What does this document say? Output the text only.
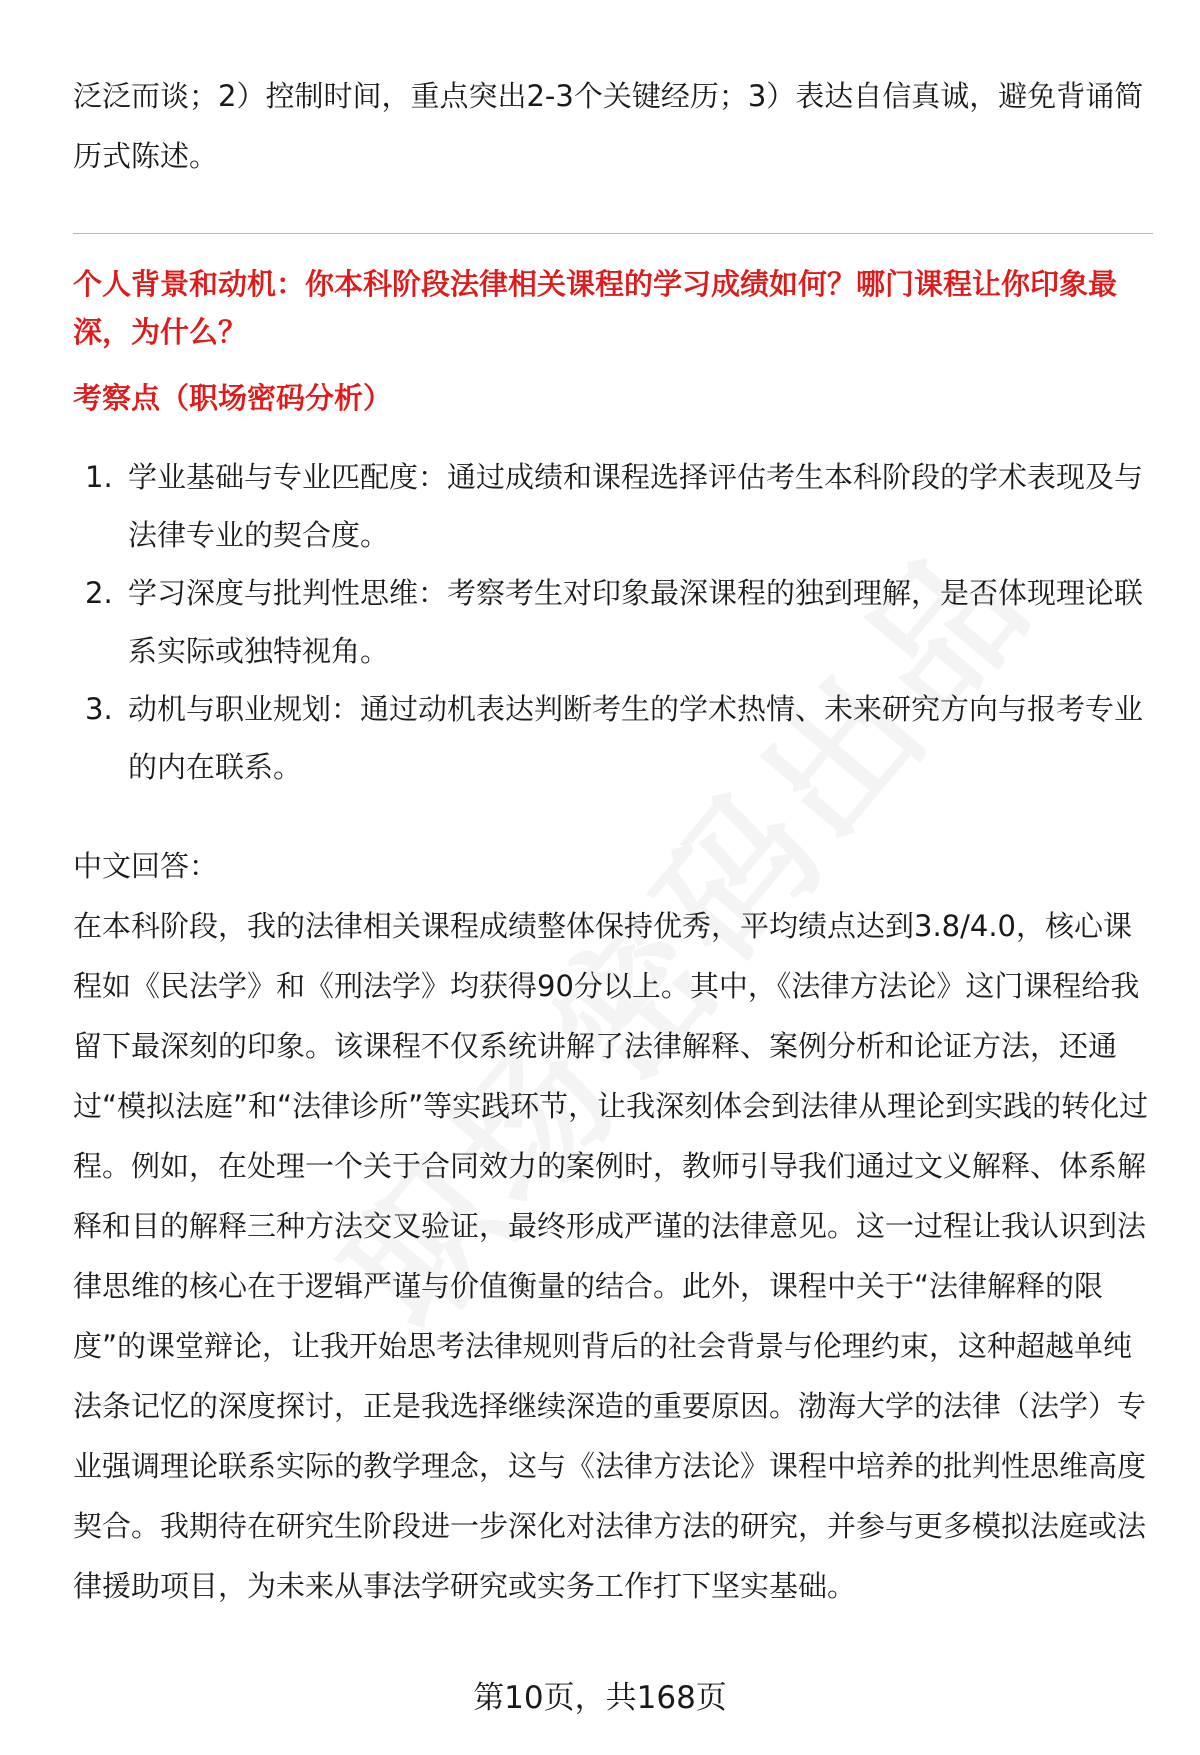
泛泛而谈；2）控制时间，重点突出2-3个关键经历；3）表达自信真诚，避免背诵简历式陈述。

个人背景和动机：你本科阶段法律相关课程的学习成绩如何？哪门课程让你印象最深，为什么？

考察点（职场密码分析）

1. 学业基础与专业匹配度：通过成绩和课程选择评估考生本科阶段的学术表现及与法律专业的契合度。
2. 学习深度与批判性思维：考察考生对印象最深课程的独到理解，是否体现理论联系实际或独特视角。
3. 动机与职业规划：通过动机表达判断考生的学术热情、未来研究方向与报考专业的内在联系。

中文回答：

在本科阶段，我的法律相关课程成绩整体保持优秀，平均绩点达到3.8/4.0，核心课程如《民法学》和《刑法学》均获得90分以上。其中，《法律方法论》这门课程给我留下最深刻的印象。该课程不仅系统讲解了法律解释、案例分析和论证方法，还通过“模拟法庭”和“法律诊所”等实践环节，让我深刻体会到法律从理论到实践的转化过程。例如，在处理一个关于合同效力的案例时，教师引导我们通过文义解释、体系解释和目的解释三种方法交叉验证，最终形成严谨的法律意见。这一过程让我认识到法律思维的核心在于逻辑严谨与价值衡量的结合。此外，课程中关于“法律解释的限度”的课堂辩论，让我开始思考法律规则背后的社会背景与伦理约束，这种超越单纯法条记忆的深度探讨，正是我选择继续深造的重要原因。渤海大学的法律（法学）专业强调理论联系实际的教学理念，这与《法律方法论》课程中培养的批判性思维高度契合。我期待在研究生阶段进一步深化对法律方法的研究，并参与更多模拟法庭或法律援助项目，为未来从事法学研究或实务工作打下坚实基础。

第10页，共168页
